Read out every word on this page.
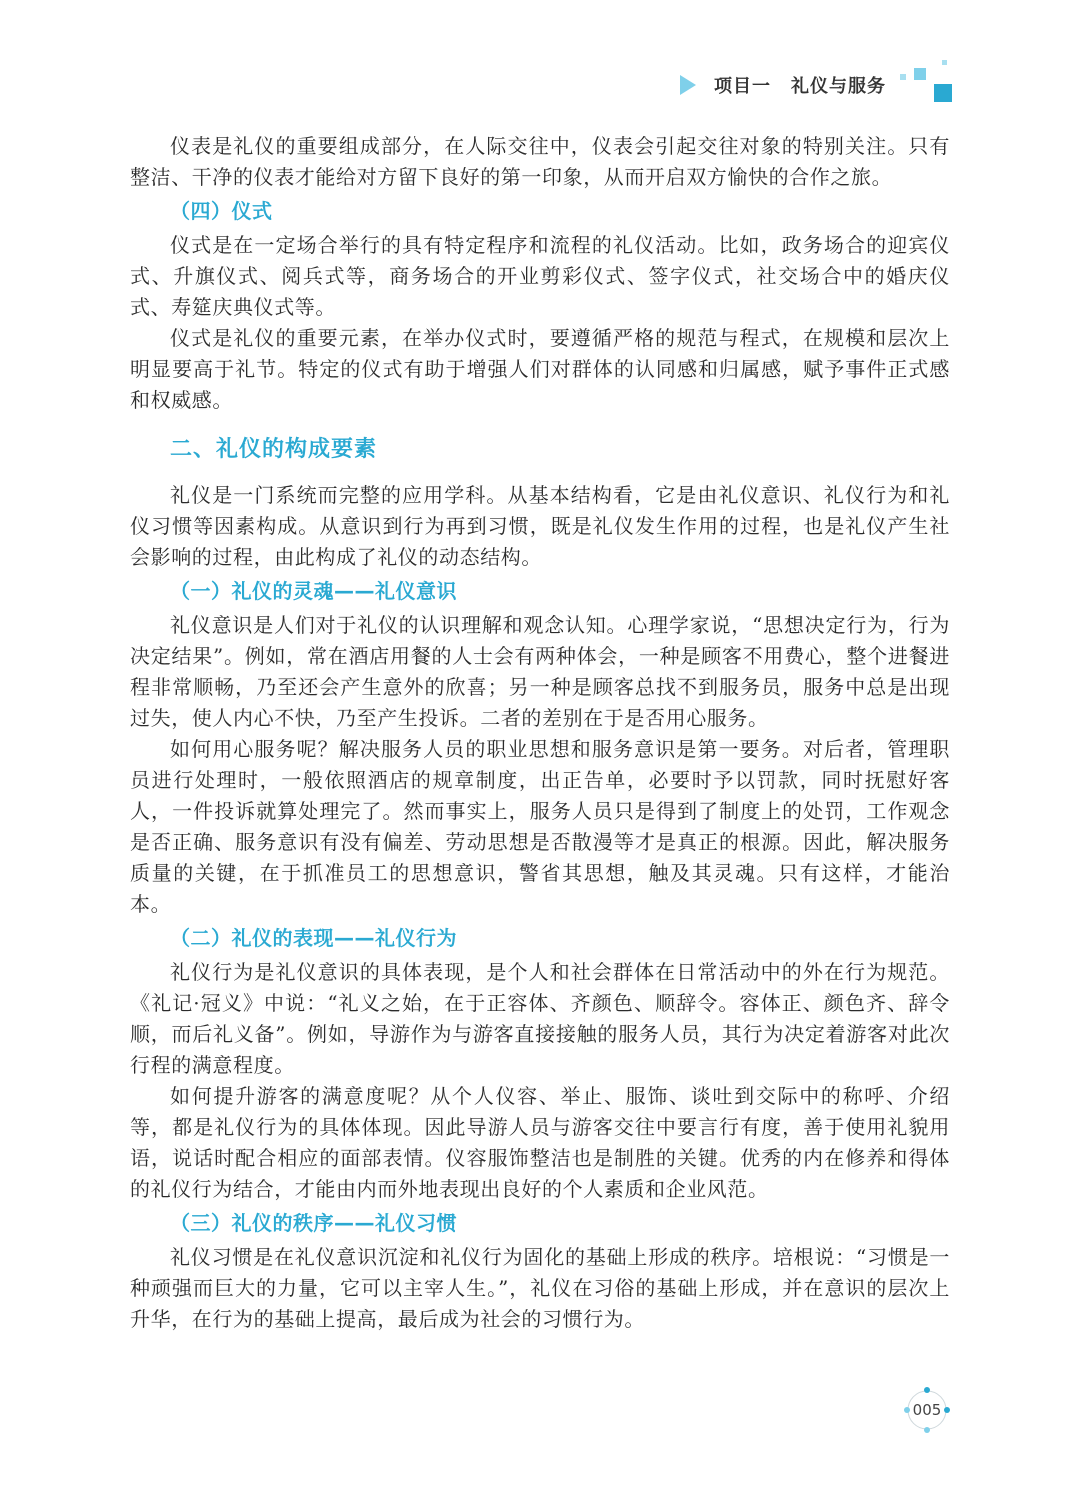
项目一 礼仪与服务

仪表是礼仪的重要组成部分，在人际交往中，仪表会引起交往对象的特别关注。只有整洁、干净的仪表才能给对方留下良好的第一印象，从而开启双方愉快的合作之旅。

（四）仪式

仪式是在一定场合举行的具有特定程序和流程的礼仪活动。比如，政务场合的迎宾仪式、升旗仪式、阅兵式等，商务场合的开业剪彩仪式、签字仪式，社交场合中的婚庆仪式、寿筵庆典仪式等。

仪式是礼仪的重要元素，在举办仪式时，要遵循严格的规范与程式，在规模和层次上明显要高于礼节。特定的仪式有助于增强人们对群体的认同感和归属感，赋予事件正式感和权威感。

二、礼仪的构成要素

礼仪是一门系统而完整的应用学科。从基本结构看，它是由礼仪意识、礼仪行为和礼仪习惯等因素构成。从意识到行为再到习惯，既是礼仪发生作用的过程，也是礼仪产生社会影响的过程，由此构成了礼仪的动态结构。

（一）礼仪的灵魂——礼仪意识

礼仪意识是人们对于礼仪的认识理解和观念认知。心理学家说，“思想决定行为，行为决定结果”。例如，常在酒店用餐的人士会有两种体会，一种是顾客不用费心，整个进餐进程非常顺畅，乃至还会产生意外的欣喜；另一种是顾客总找不到服务员，服务中总是出现过失，使人内心不快，乃至产生投诉。二者的差别在于是否用心服务。

如何用心服务呢？解决服务人员的职业思想和服务意识是第一要务。对后者，管理职员进行处理时，一般依照酒店的规章制度，出正告单，必要时予以罚款，同时抚慰好客人，一件投诉就算处理完了。然而事实上，服务人员只是得到了制度上的处罚，工作观念是否正确、服务意识有没有偏差、劳动思想是否散漫等才是真正的根源。因此，解决服务质量的关键，在于抓准员工的思想意识，警省其思想，触及其灵魂。只有这样，才能治本。

（二）礼仪的表现——礼仪行为

礼仪行为是礼仪意识的具体表现，是个人和社会群体在日常活动中的外在行为规范。《礼记·冠义》中说：“礼义之始，在于正容体、齐颜色、顺辞令。容体正、颜色齐、辞令顺，而后礼义备”。例如，导游作为与游客直接接触的服务人员，其行为决定着游客对此次行程的满意程度。

如何提升游客的满意度呢？从个人仪容、举止、服饰、谈吐到交际中的称呼、介绍等，都是礼仪行为的具体体现。因此导游人员与游客交往中要言行有度，善于使用礼貌用语，说话时配合相应的面部表情。仪容服饰整洁也是制胜的关键。优秀的内在修养和得体的礼仪行为结合，才能由内而外地表现出良好的个人素质和企业风范。

（三）礼仪的秩序——礼仪习惯

礼仪习惯是在礼仪意识沉淀和礼仪行为固化的基础上形成的秩序。培根说：“习惯是一种顽强而巨大的力量，它可以主宰人生。”，礼仪在习俗的基础上形成，并在意识的层次上升华，在行为的基础上提高，最后成为社会的习惯行为。

005
